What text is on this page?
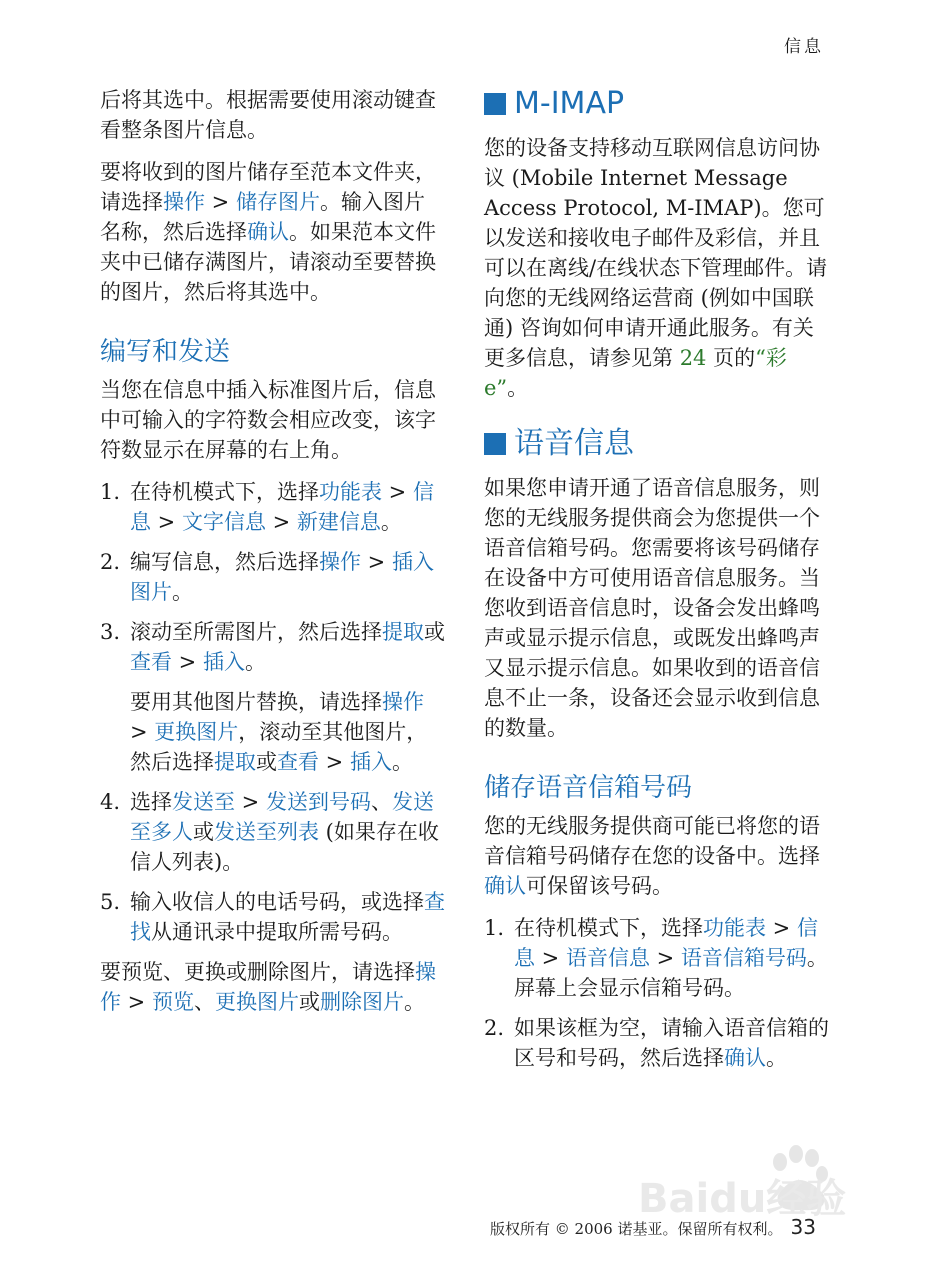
信息

后将其选中。根据需要使用滚动键查看整条图片信息。

要将收到的图片储存至范本文件夹，请选择操作 > 储存图片。输入图片名称，然后选择确认。如果范本文件夹中已储存满图片，请滚动至要替换的图片，然后将其选中。

编写和发送

当您在信息中插入标准图片后，信息中可输入的字符数会相应改变，该字符数显示在屏幕的右上角。

1. 在待机模式下，选择功能表 > 信息 > 文字信息 > 新建信息。
2. 编写信息，然后选择操作 > 插入图片。
3. 滚动至所需图片，然后选择提取或查看 > 插入。

要用其他图片替换，请选择操作 > 更换图片，滚动至其他图片，然后选择提取或查看 > 插入。

4. 选择发送至 > 发送到号码、发送至多人或发送至列表 (如果存在收信人列表)。
5. 输入收信人的电话号码，或选择查找从通讯录中提取所需号码。

要预览、更换或删除图片，请选择操作 > 预览、更换图片或删除图片。

M-IMAP

您的设备支持移动互联网信息访问协议 (Mobile Internet Message Access Protocol, M-IMAP)。您可以发送和接收电子邮件及彩信，并且可以在离线/在线状态下管理邮件。请向您的无线网络运营商 (例如中国联通) 咨询如何申请开通此服务。有关更多信息，请参见第 24 页的“彩 e”。

语音信息

如果您申请开通了语音信息服务，则您的无线服务提供商会为您提供一个语音信箱号码。您需要将该号码储存在设备中方可使用语音信息服务。当您收到语音信息时，设备会发出蜂鸣声或显示提示信息，或既发出蜂鸣声又显示提示信息。如果收到的语音信息不止一条，设备还会显示收到信息的数量。

储存语音信箱号码

您的无线服务提供商可能已将您的语音信箱号码储存在您的设备中。选择确认可保留该号码。

1. 在待机模式下，选择功能表 > 信息 > 语音信息 > 语音信箱号码。屏幕上会显示信箱号码。
2. 如果该框为空，请输入语音信箱的区号和号码，然后选择确认。
Baidu经验
版权所有 © 2006 诺基亚。保留所有权利。 33
